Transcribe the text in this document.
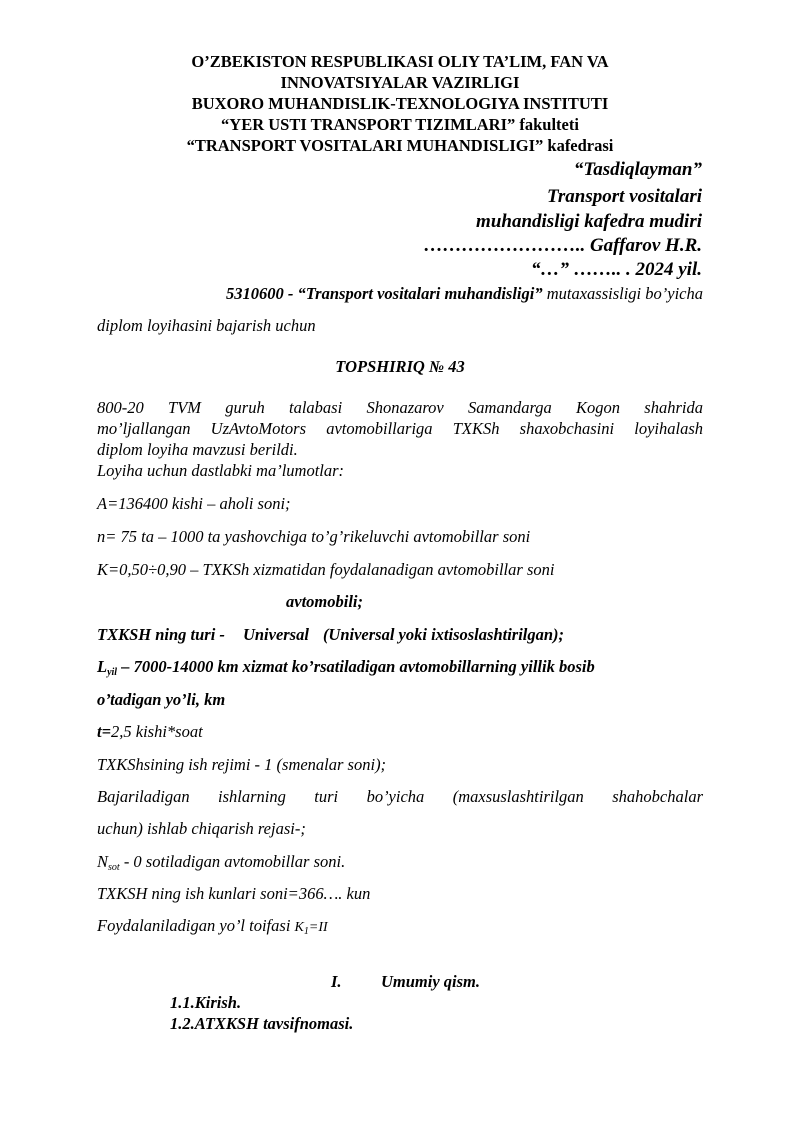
O’ZBEKISTON RESPUBLIKASI OLIY TA’LIM, FAN VA
INNOVATSIYALAR VAZIRLIGI
BUXORO MUHANDISLIK-TEXNOLOGIYA INSTITUTI
“YER USTI TRANSPORT TIZIMLARI” fakulteti
“TRANSPORT VOSITALARI MUHANDISLIGI” kafedrasi
“Tasdiqlayman”
Transport vositalari
muhandisligi kafedra mudiri
…………………….. Gaffarov H.R.
“…” …….. . 2024 yil.
5310600 - “Transport vositalari muhandisligi” mutaxassisligi bo’yicha
diplom loyihasini bajarish uchun
TOPSHIRIQ № 43
800-20 TVM guruh talabasi Shonazarov Samandarga Kogon shahrida
mo’ljallangan UzAvtoMotors avtomobillariga TXKSh shaxobchasini loyihalash
diplom loyiha mavzusi berildi.
Loyiha uchun dastlabki ma’lumotlar:
A=136400 kishi – aholi soni;
n= 75 ta – 1000 ta yashovchiga to’g’rikeluvchi avtomobillar soni
K=0,50÷0,90 – TXKSh xizmatidan foydalanadigan avtomobillar soni
avtomobili;
TXKSH ning turi - Universal (Universal yoki ixtisoslashtirilgan);
$L_{yil} - 7000-14000$ km xizmat ko’rsatiladigan avtomobillarning yillik bosib
o’tadigan yo’li, km
t=2,5 kishi*soat
TXKShsining ish rejimi - 1 (smenalar soni);
Bajariladigan ishlarning turi bo’yicha (maxsuslashtirilgan shahobchalar
uchun) ishlab chiqarish rejasi-;
$N_{sot} - 0$ sotiladigan avtomobillar soni.
TXKSH ning ish kunlari soni=366…. kun
Foydalaniladigan yo’l toifasi $K_1=II$
I. Umumiy qism.
1.1.Kirish.
1.2.ATXKSH tavsifnomasi.
